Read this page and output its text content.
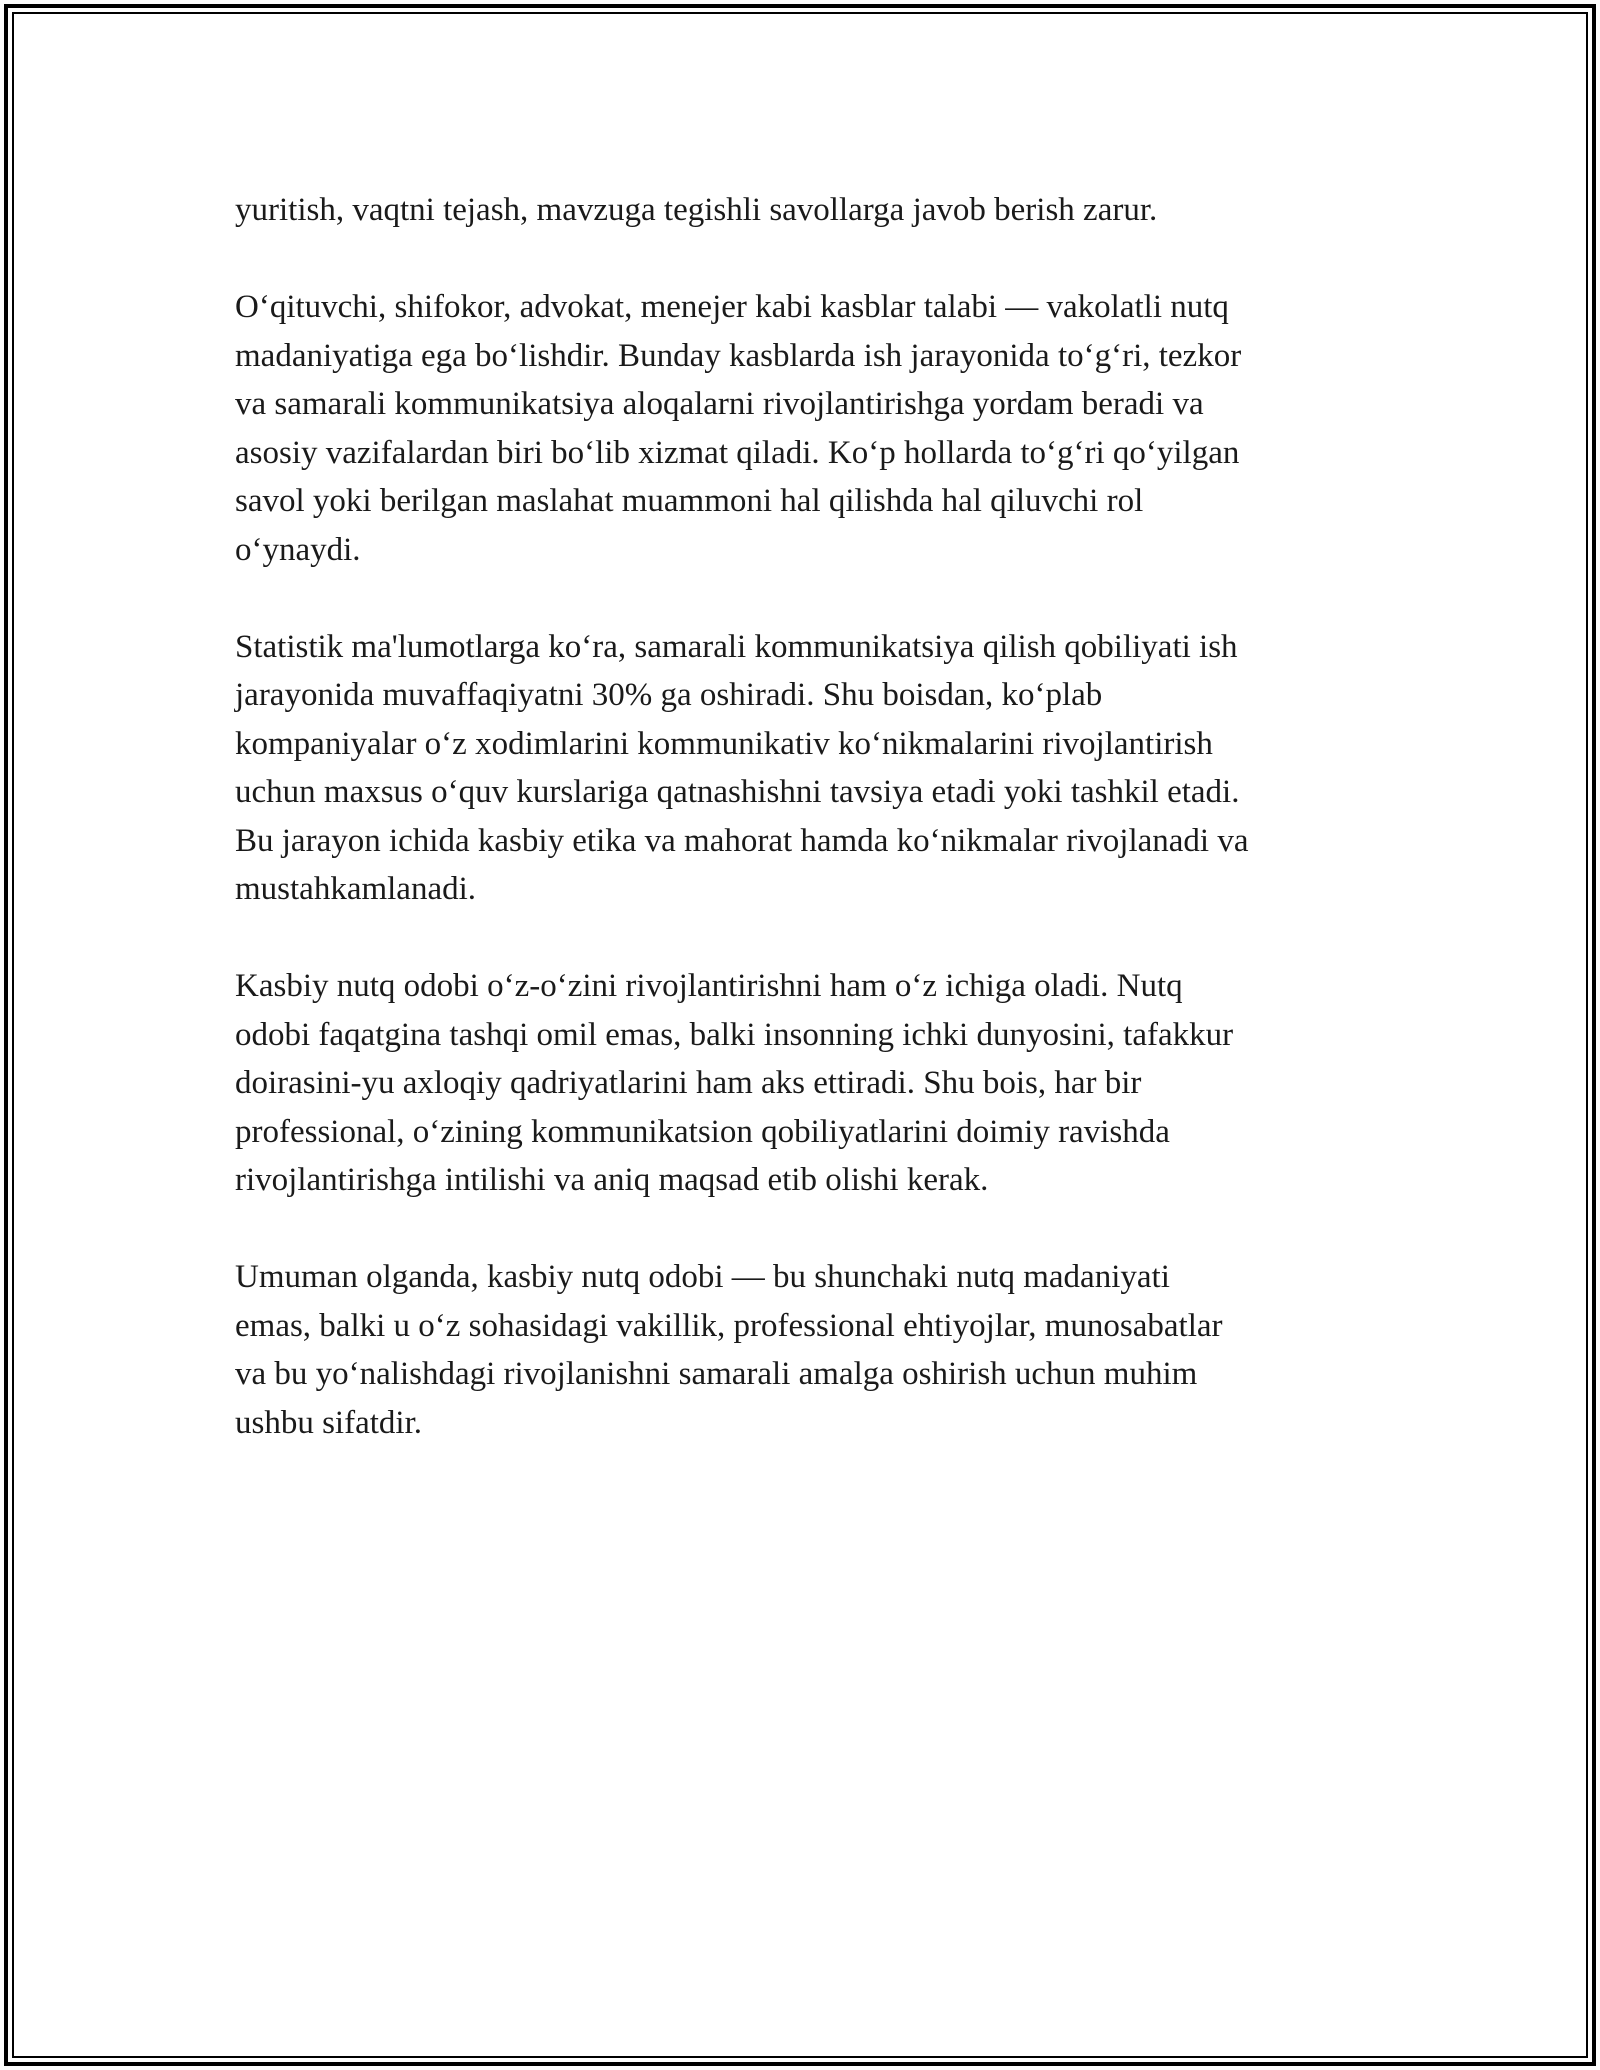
yuritish, vaqtni tejash, mavzuga tegishli savollarga javob berish zarur.

O‘qituvchi, shifokor, advokat, menejer kabi kasblar talabi — vakolatli nutq
madaniyatiga ega bo‘lishdir. Bunday kasblarda ish jarayonida to‘g‘ri, tezkor
va samarali kommunikatsiya aloqalarni rivojlantirishga yordam beradi va
asosiy vazifalardan biri bo‘lib xizmat qiladi. Ko‘p hollarda to‘g‘ri qo‘yilgan
savol yoki berilgan maslahat muammoni hal qilishda hal qiluvchi rol
o‘ynaydi.

Statistik ma'lumotlarga ko‘ra, samarali kommunikatsiya qilish qobiliyati ish
jarayonida muvaffaqiyatni 30% ga oshiradi. Shu boisdan, ko‘plab
kompaniyalar o‘z xodimlarini kommunikativ ko‘nikmalarini rivojlantirish
uchun maxsus o‘quv kurslariga qatnashishni tavsiya etadi yoki tashkil etadi.
Bu jarayon ichida kasbiy etika va mahorat hamda ko‘nikmalar rivojlanadi va
mustahkamlanadi.

Kasbiy nutq odobi o‘z-o‘zini rivojlantirishni ham o‘z ichiga oladi. Nutq
odobi faqatgina tashqi omil emas, balki insonning ichki dunyosini, tafakkur
doirasini-yu axloqiy qadriyatlarini ham aks ettiradi. Shu bois, har bir
professional, o‘zining kommunikatsion qobiliyatlarini doimiy ravishda
rivojlantirishga intilishi va aniq maqsad etib olishi kerak.

Umuman olganda, kasbiy nutq odobi — bu shunchaki nutq madaniyati
emas, balki u o‘z sohasidagi vakillik, professional ehtiyojlar, munosabatlar
va bu yo‘nalishdagi rivojlanishni samarali amalga oshirish uchun muhim
ushbu sifatdir.
